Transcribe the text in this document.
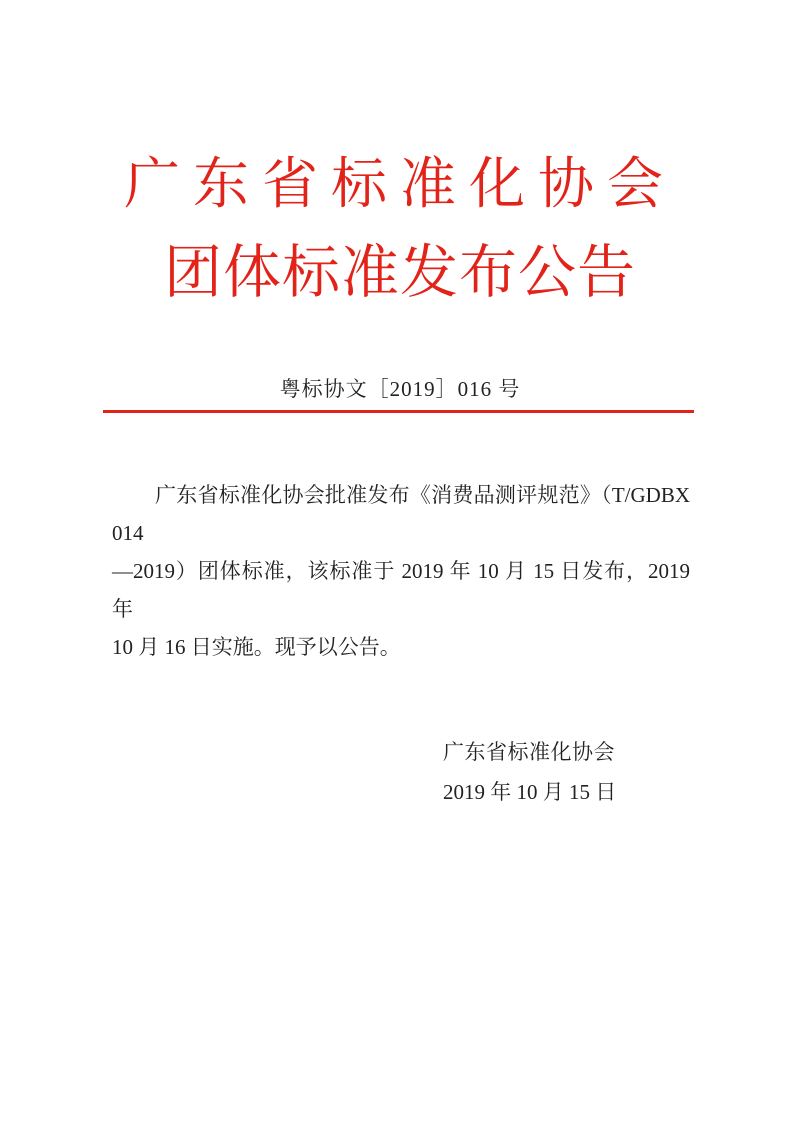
广东省标准化协会
团体标准发布公告
粤标协文［2019］016 号
广东省标准化协会批准发布《消费品测评规范》（T/GDBX 014
—2019）团体标准，该标准于 2019 年 10 月 15 日发布，2019 年
10 月 16 日实施。现予以公告。
广东省标准化协会
2019 年 10 月 15 日
